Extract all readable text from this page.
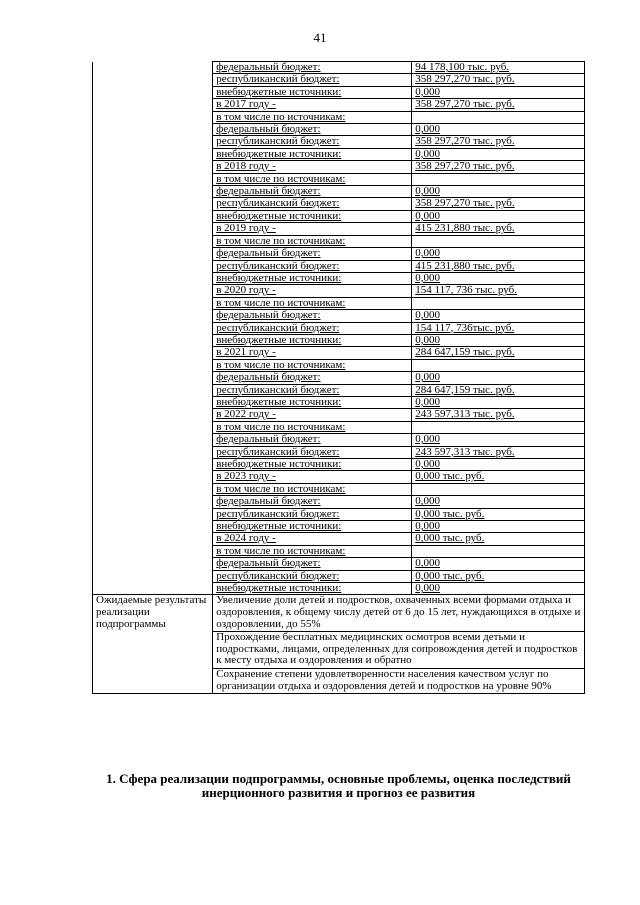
41
	федеральный бюджет:	94 178,100 тыс. руб.
	республиканский бюджет:	358 297,270 тыс. руб.
	внебюджетные источники:	0,000
	в 2017 году -	358 297,270 тыс. руб.
	в том числе по источникам:	
	федеральный бюджет:	0,000
	республиканский бюджет:	358 297,270 тыс. руб.
	внебюджетные источники:	0,000
	в 2018 году -	358 297,270 тыс. руб.
	в том числе по источникам:	
	федеральный бюджет:	0,000
	республиканский бюджет:	358 297,270 тыс. руб.
	внебюджетные источники:	0,000
	в 2019 году -	415 231,880 тыс. руб.
	в том числе по источникам:	
	федеральный бюджет:	0,000
	республиканский бюджет:	415 231,880 тыс. руб.
	внебюджетные источники:	0,000
	в 2020 году -	154 117, 736 тыс. руб.
	в том числе по источникам:	
	федеральный бюджет:	0,000
	республиканский бюджет:	154 117, 736тыс. руб.
	внебюджетные источники:	0,000
	в 2021 году -	284 647,159 тыс. руб.
	в том числе по источникам:	
	федеральный бюджет:	0,000
	республиканский бюджет:	284 647,159 тыс. руб.
	внебюджетные источники:	0,000
	в 2022 году -	243 597,313 тыс. руб.
	в том числе по источникам:	
	федеральный бюджет:	0,000
	республиканский бюджет:	243 597,313 тыс. руб.
	внебюджетные источники:	0,000
	в 2023 году -	0,000 тыс. руб.
	в том числе по источникам:	
	федеральный бюджет:	0,000
	республиканский бюджет:	0,000 тыс. руб.
	внебюджетные источники:	0,000
	в 2024 году -	0,000 тыс. руб.
	в том числе по источникам:	
	федеральный бюджет:	0,000
	республиканский бюджет:	0,000 тыс. руб.
	внебюджетные источники:	0,000
Ожидаемые результаты реализации подпрограммы	Увеличение доли детей и подростков, охваченных всеми формами отдыха и оздоровления, к общему числу детей от 6 до 15 лет, нуждающихся в отдыхе и оздоровлении, до 55%	
	Прохождение бесплатных медицинских осмотров всеми детьми и подростками, лицами, определенных для сопровождения детей и подростков к месту отдыха и оздоровления и обратно	
	Сохранение степени удовлетворенности населения качеством услуг по организации отдыха и оздоровления детей и подростков на уровне 90%	
1. Сфера реализации подпрограммы, основные проблемы, оценка последствий инерционного развития и прогноз ее развития
